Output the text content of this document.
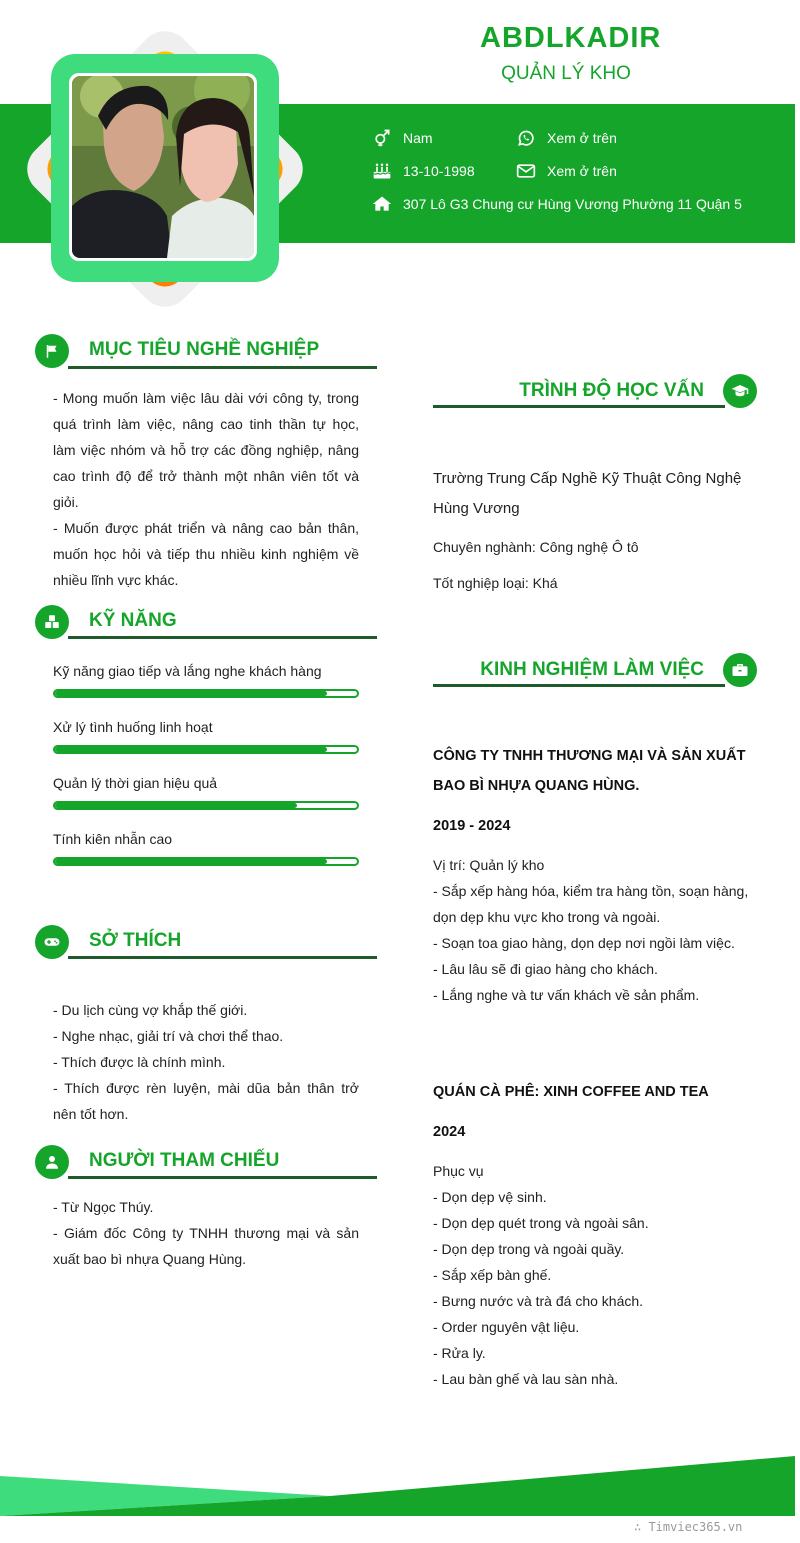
ABDLKADIR
QUẢN LÝ KHO
Nam	Xem ở trên
13-10-1998	Xem ở trên
307 Lô G3 Chung cư Hùng Vương Phường 11 Quận 5
MỤC TIÊU NGHỀ NGHIỆP
- Mong muốn làm việc lâu dài với công ty, trong quá trình làm việc, nâng cao tinh thần tự học, làm việc nhóm và hỗ trợ các đồng nghiệp, nâng cao trình độ để trở thành một nhân viên tốt và giỏi.
- Muốn được phát triển và nâng cao bản thân, muốn học hỏi và tiếp thu nhiều kinh nghiệm về nhiều lĩnh vực khác.
KỸ NĂNG
Kỹ năng giao tiếp và lắng nghe khách hàng
Xử lý tình huống linh hoạt
Quản lý thời gian hiệu quả
Tính kiên nhẫn cao
SỞ THÍCH
- Du lịch cùng vợ khắp thế giới.
- Nghe nhạc, giải trí và chơi thể thao.
- Thích được là chính mình.
- Thích được rèn luyện, mài dũa bản thân trở nên tốt hơn.
NGƯỜI THAM CHIẾU
- Từ Ngọc Thúy.
- Giám đốc Công ty TNHH thương mại và sản xuất bao bì nhựa Quang Hùng.
TRÌNH ĐỘ HỌC VẤN
Trường Trung Cấp Nghề Kỹ Thuật Công Nghệ Hùng Vương
Chuyên nghành: Công nghệ Ô tô
Tốt nghiệp loại: Khá
KINH NGHIỆM LÀM VIỆC
CÔNG TY TNHH THƯƠNG MẠI VÀ SẢN XUẤT BAO BÌ NHỰA QUANG HÙNG.
2019 - 2024
Vị trí: Quản lý kho
- Sắp xếp hàng hóa, kiểm tra hàng tồn, soạn hàng, dọn dẹp khu vực kho trong và ngoài.
- Soạn toa giao hàng, dọn dẹp nơi ngồi làm việc.
- Lâu lâu sẽ đi giao hàng cho khách.
- Lắng nghe và tư vấn khách về sản phẩm.
QUÁN CÀ PHÊ: XINH COFFEE AND TEA
2024
Phục vụ
- Dọn dẹp vệ sinh.
- Dọn dẹp quét trong và ngoài sân.
- Dọn dẹp trong và ngoài quầy.
- Sắp xếp bàn ghế.
- Bưng nước và trà đá cho khách.
- Order nguyên vật liệu.
- Rửa ly.
- Lau bàn ghế và lau sàn nhà.
∴ Timviec365.vn
